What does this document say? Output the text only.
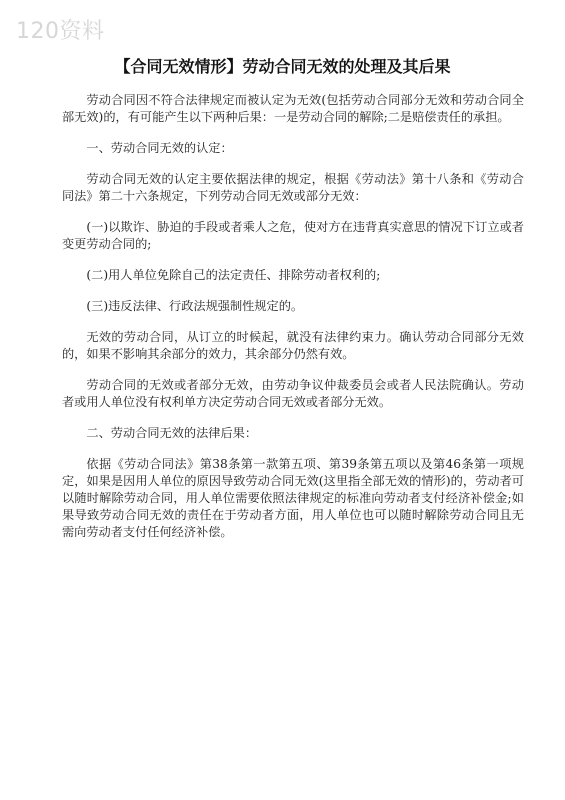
120资料
【合同无效情形】劳动合同无效的处理及其后果

劳动合同因不符合法律规定而被认定为无效(包括劳动合同部分无效和劳动合同全部无效)的，有可能产生以下两种后果：一是劳动合同的解除;二是赔偿责任的承担。

一、劳动合同无效的认定：

劳动合同无效的认定主要依据法律的规定，根据《劳动法》第十八条和《劳动合同法》第二十六条规定，下列劳动合同无效或部分无效：

(一)以欺诈、胁迫的手段或者乘人之危，使对方在违背真实意思的情况下订立或者变更劳动合同的;

(二)用人单位免除自己的法定责任、排除劳动者权利的;

(三)违反法律、行政法规强制性规定的。

无效的劳动合同，从订立的时候起，就没有法律约束力。确认劳动合同部分无效的，如果不影响其余部分的效力，其余部分仍然有效。

劳动合同的无效或者部分无效，由劳动争议仲裁委员会或者人民法院确认。劳动者或用人单位没有权利单方决定劳动合同无效或者部分无效。

二、劳动合同无效的法律后果：

依据《劳动合同法》第38条第一款第五项、第39条第五项以及第46条第一项规定，如果是因用人单位的原因导致劳动合同无效(这里指全部无效的情形)的，劳动者可以随时解除劳动合同，用人单位需要依照法律规定的标准向劳动者支付经济补偿金;如果导致劳动合同无效的责任在于劳动者方面，用人单位也可以随时解除劳动合同且无需向劳动者支付任何经济补偿。
